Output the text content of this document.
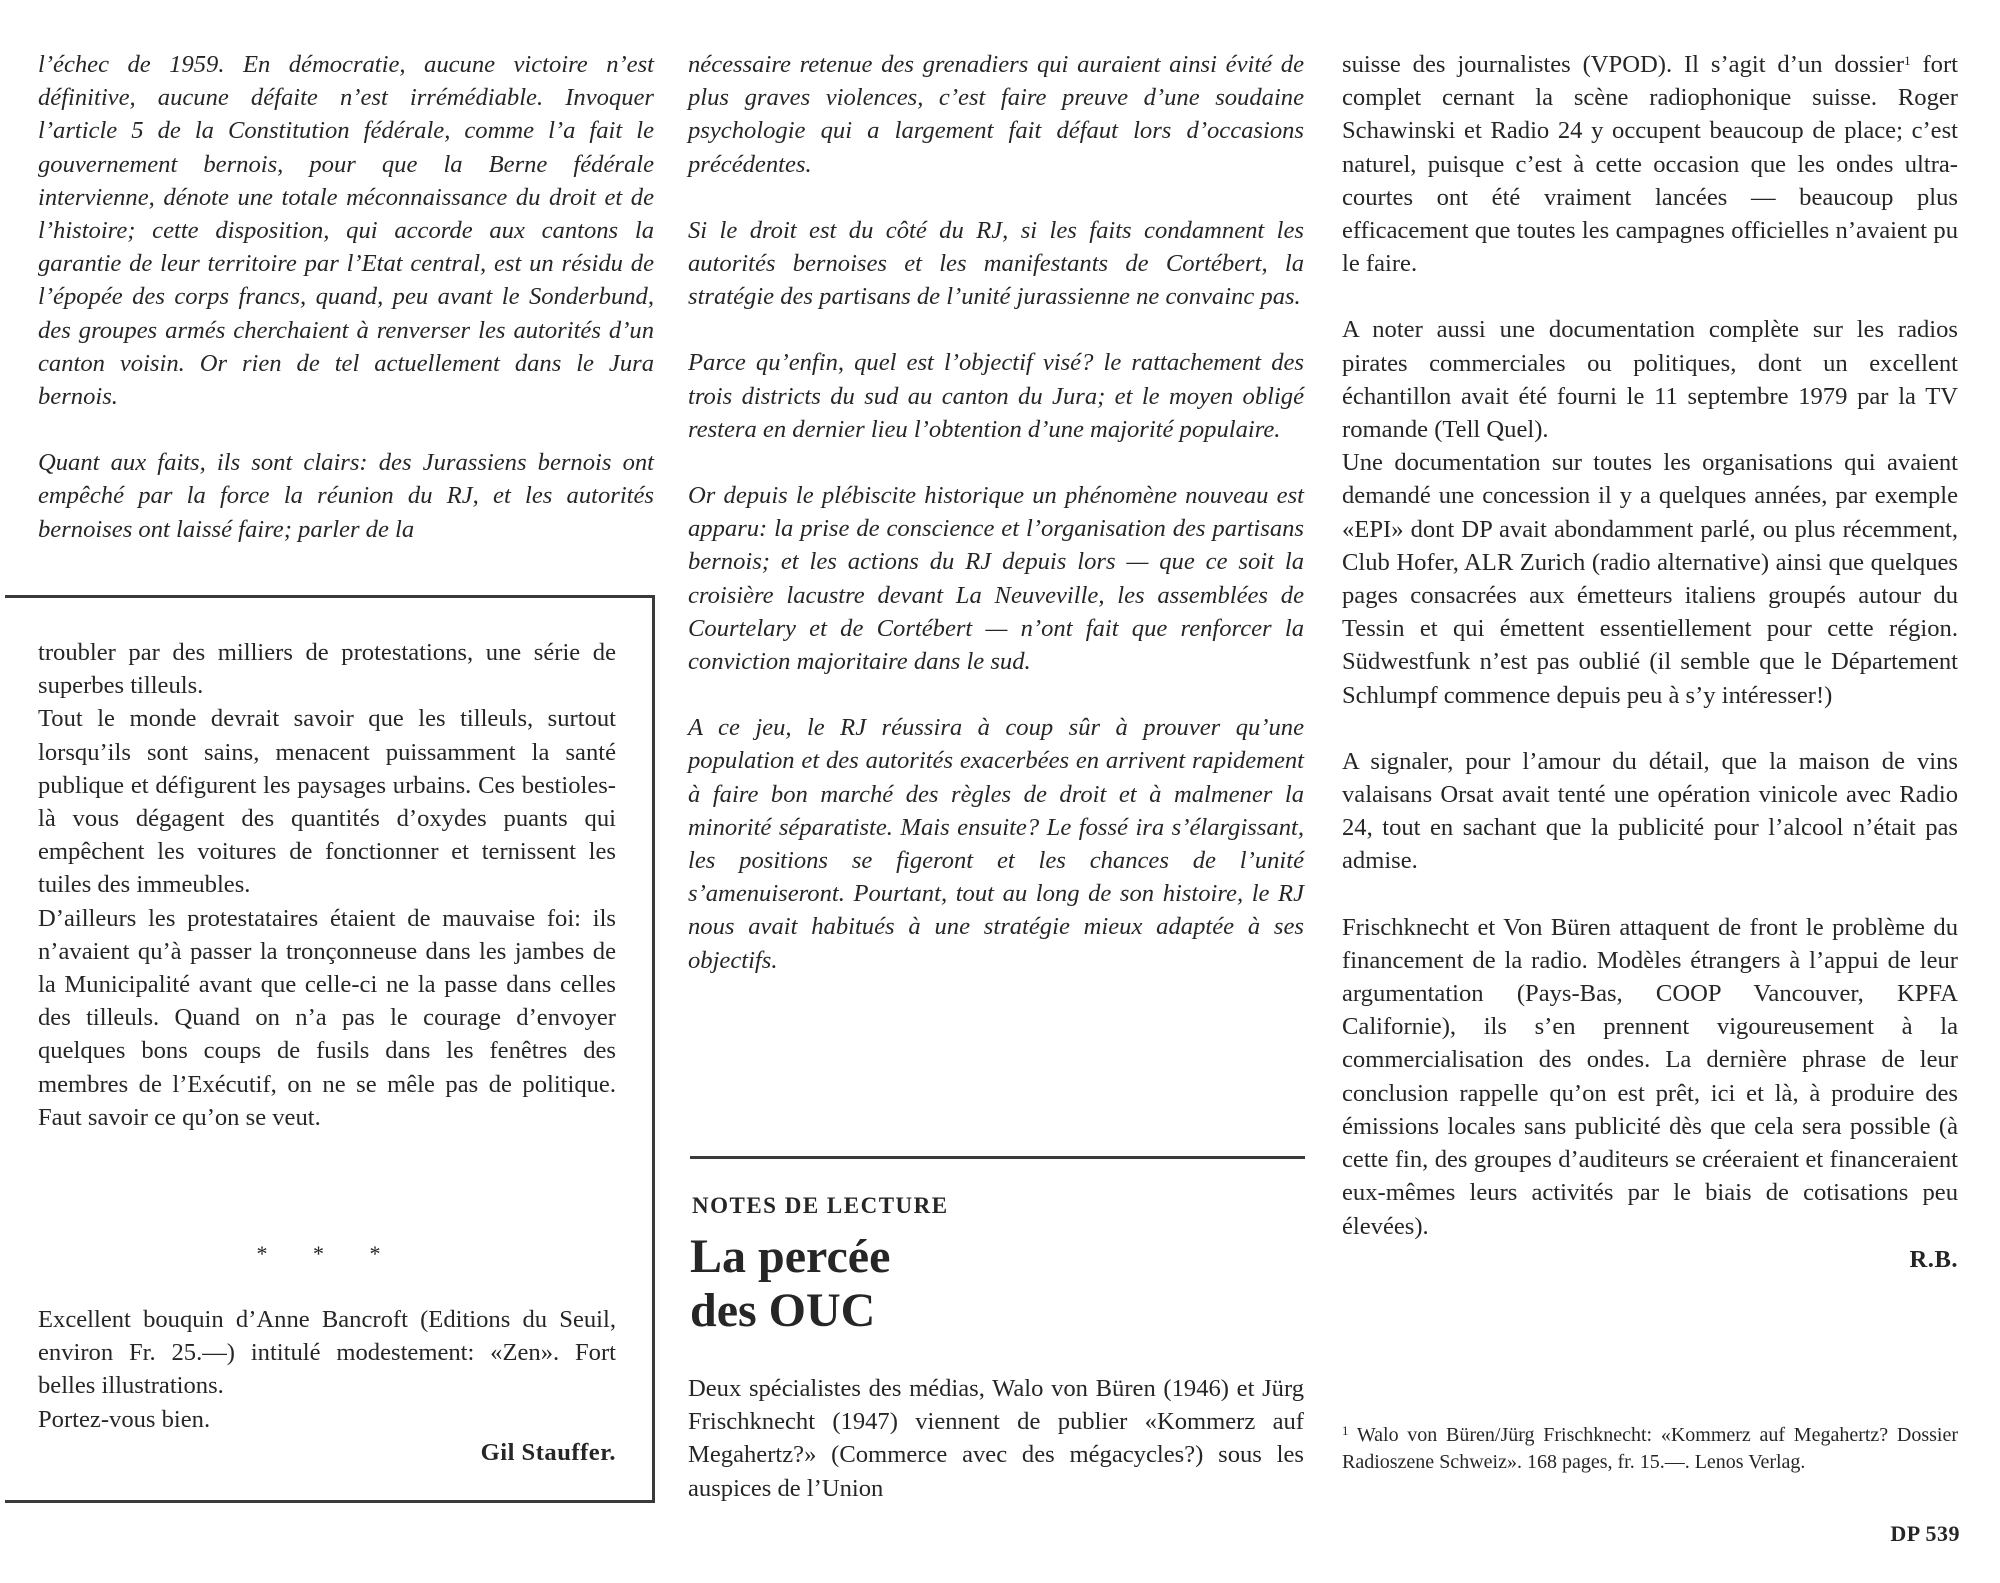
l’échec de 1959. En démocratie, aucune victoire n’est définitive, aucune défaite n’est irrémédiable. Invoquer l’article 5 de la Constitution fédérale, comme l’a fait le gouvernement bernois, pour que la Berne fédérale intervienne, dénote une totale méconnaissance du droit et de l’histoire; cette disposition, qui accorde aux cantons la garantie de leur territoire par l’Etat central, est un résidu de l’épopée des corps francs, quand, peu avant le Sonderbund, des groupes armés cherchaient à renverser les autorités d’un canton voisin. Or rien de tel actuellement dans le Jura bernois.

Quant aux faits, ils sont clairs: des Jurassiens bernois ont empêché par la force la réunion du RJ, et les autorités bernoises ont laissé faire; parler de la

* * *

troubler par des milliers de protestations, une série de superbes tilleuls.

Tout le monde devrait savoir que les tilleuls, surtout lorsqu’ils sont sains, menacent puissamment la santé publique et défigurent les paysages urbains. Ces bestioles-là vous dégagent des quantités d’oxydes puants qui empêchent les voitures de fonctionner et ternissent les tuiles des immeubles.

D’ailleurs les protestataires étaient de mauvaise foi: ils n’avaient qu’à passer la tronçonneuse dans les jambes de la Municipalité avant que celle-ci ne la passe dans celles des tilleuls. Quand on n’a pas le courage d’envoyer quelques bons coups de fusils dans les fenêtres des membres de l’Exécutif, on ne se mêle pas de politique. Faut savoir ce qu’on se veut.

Excellent bouquin d’Anne Bancroft (Editions du Seuil, environ Fr. 25.—) intitulé modestement: «Zen». Fort belles illustrations.

Portez-vous bien.

Gil Stauffer.

nécessaire retenue des grenadiers qui auraient ainsi évité de plus graves violences, c’est faire preuve d’une soudaine psychologie qui a largement fait défaut lors d’occasions précédentes.

Si le droit est du côté du RJ, si les faits condamnent les autorités bernoises et les manifestants de Cortébert, la stratégie des partisans de l’unité jurassienne ne convainc pas.

Parce qu’enfin, quel est l’objectif visé? le rattachement des trois districts du sud au canton du Jura; et le moyen obligé restera en dernier lieu l’obtention d’une majorité populaire.

Or depuis le plébiscite historique un phénomène nouveau est apparu: la prise de conscience et l’organisation des partisans bernois; et les actions du RJ depuis lors — que ce soit la croisière lacustre devant La Neuveville, les assemblées de Courtelary et de Cortébert — n’ont fait que renforcer la conviction majoritaire dans le sud.

A ce jeu, le RJ réussira à coup sûr à prouver qu’une population et des autorités exacerbées en arrivent rapidement à faire bon marché des règles de droit et à malmener la minorité séparatiste. Mais ensuite? Le fossé ira s’élargissant, les positions se figeront et les chances de l’unité s’amenuiseront. Pourtant, tout au long de son histoire, le RJ nous avait habitués à une stratégie mieux adaptée à ses objectifs.

NOTES DE LECTURE
La percée
des OUC

Deux spécialistes des médias, Walo von Büren (1946) et Jürg Frischknecht (1947) viennent de publier «Kommerz auf Megahertz?» (Commerce avec des mégacycles?) sous les auspices de l’Union

suisse des journalistes (VPOD). Il s’agit d’un dossier$^1$ fort complet cernant la scène radiophonique suisse. Roger Schawinski et Radio 24 y occupent beaucoup de place; c’est naturel, puisque c’est à cette occasion que les ondes ultra-courtes ont été vraiment lancées — beaucoup plus efficacement que toutes les campagnes officielles n’avaient pu le faire.

A noter aussi une documentation complète sur les radios pirates commerciales ou politiques, dont un excellent échantillon avait été fourni le 11 septembre 1979 par la TV romande (Tell Quel).

Une documentation sur toutes les organisations qui avaient demandé une concession il y a quelques années, par exemple «EPI» dont DP avait abondamment parlé, ou plus récemment, Club Hofer, ALR Zurich (radio alternative) ainsi que quelques pages consacrées aux émetteurs italiens groupés autour du Tessin et qui émettent essentiellement pour cette région. Südwestfunk n’est pas oublié (il semble que le Département Schlumpf commence depuis peu à s’y intéresser!)

A signaler, pour l’amour du détail, que la maison de vins valaisans Orsat avait tenté une opération vinicole avec Radio 24, tout en sachant que la publicité pour l’alcool n’était pas admise.

Frischknecht et Von Büren attaquent de front le problème du financement de la radio. Modèles étrangers à l’appui de leur argumentation (Pays-Bas, COOP Vancouver, KPFA Californie), ils s’en prennent vigoureusement à la commercialisation des ondes. La dernière phrase de leur conclusion rappelle qu’on est prêt, ici et là, à produire des émissions locales sans publicité dès que cela sera possible (à cette fin, des groupes d’auditeurs se créeraient et financeraient eux-mêmes leurs activités par le biais de cotisations peu élevées).

R.B.

$^1$ Walo von Büren/Jürg Frischknecht: «Kommerz auf Megahertz? Dossier Radioszene Schweiz». 168 pages, fr. 15.—. Lenos Verlag.
DP 539
